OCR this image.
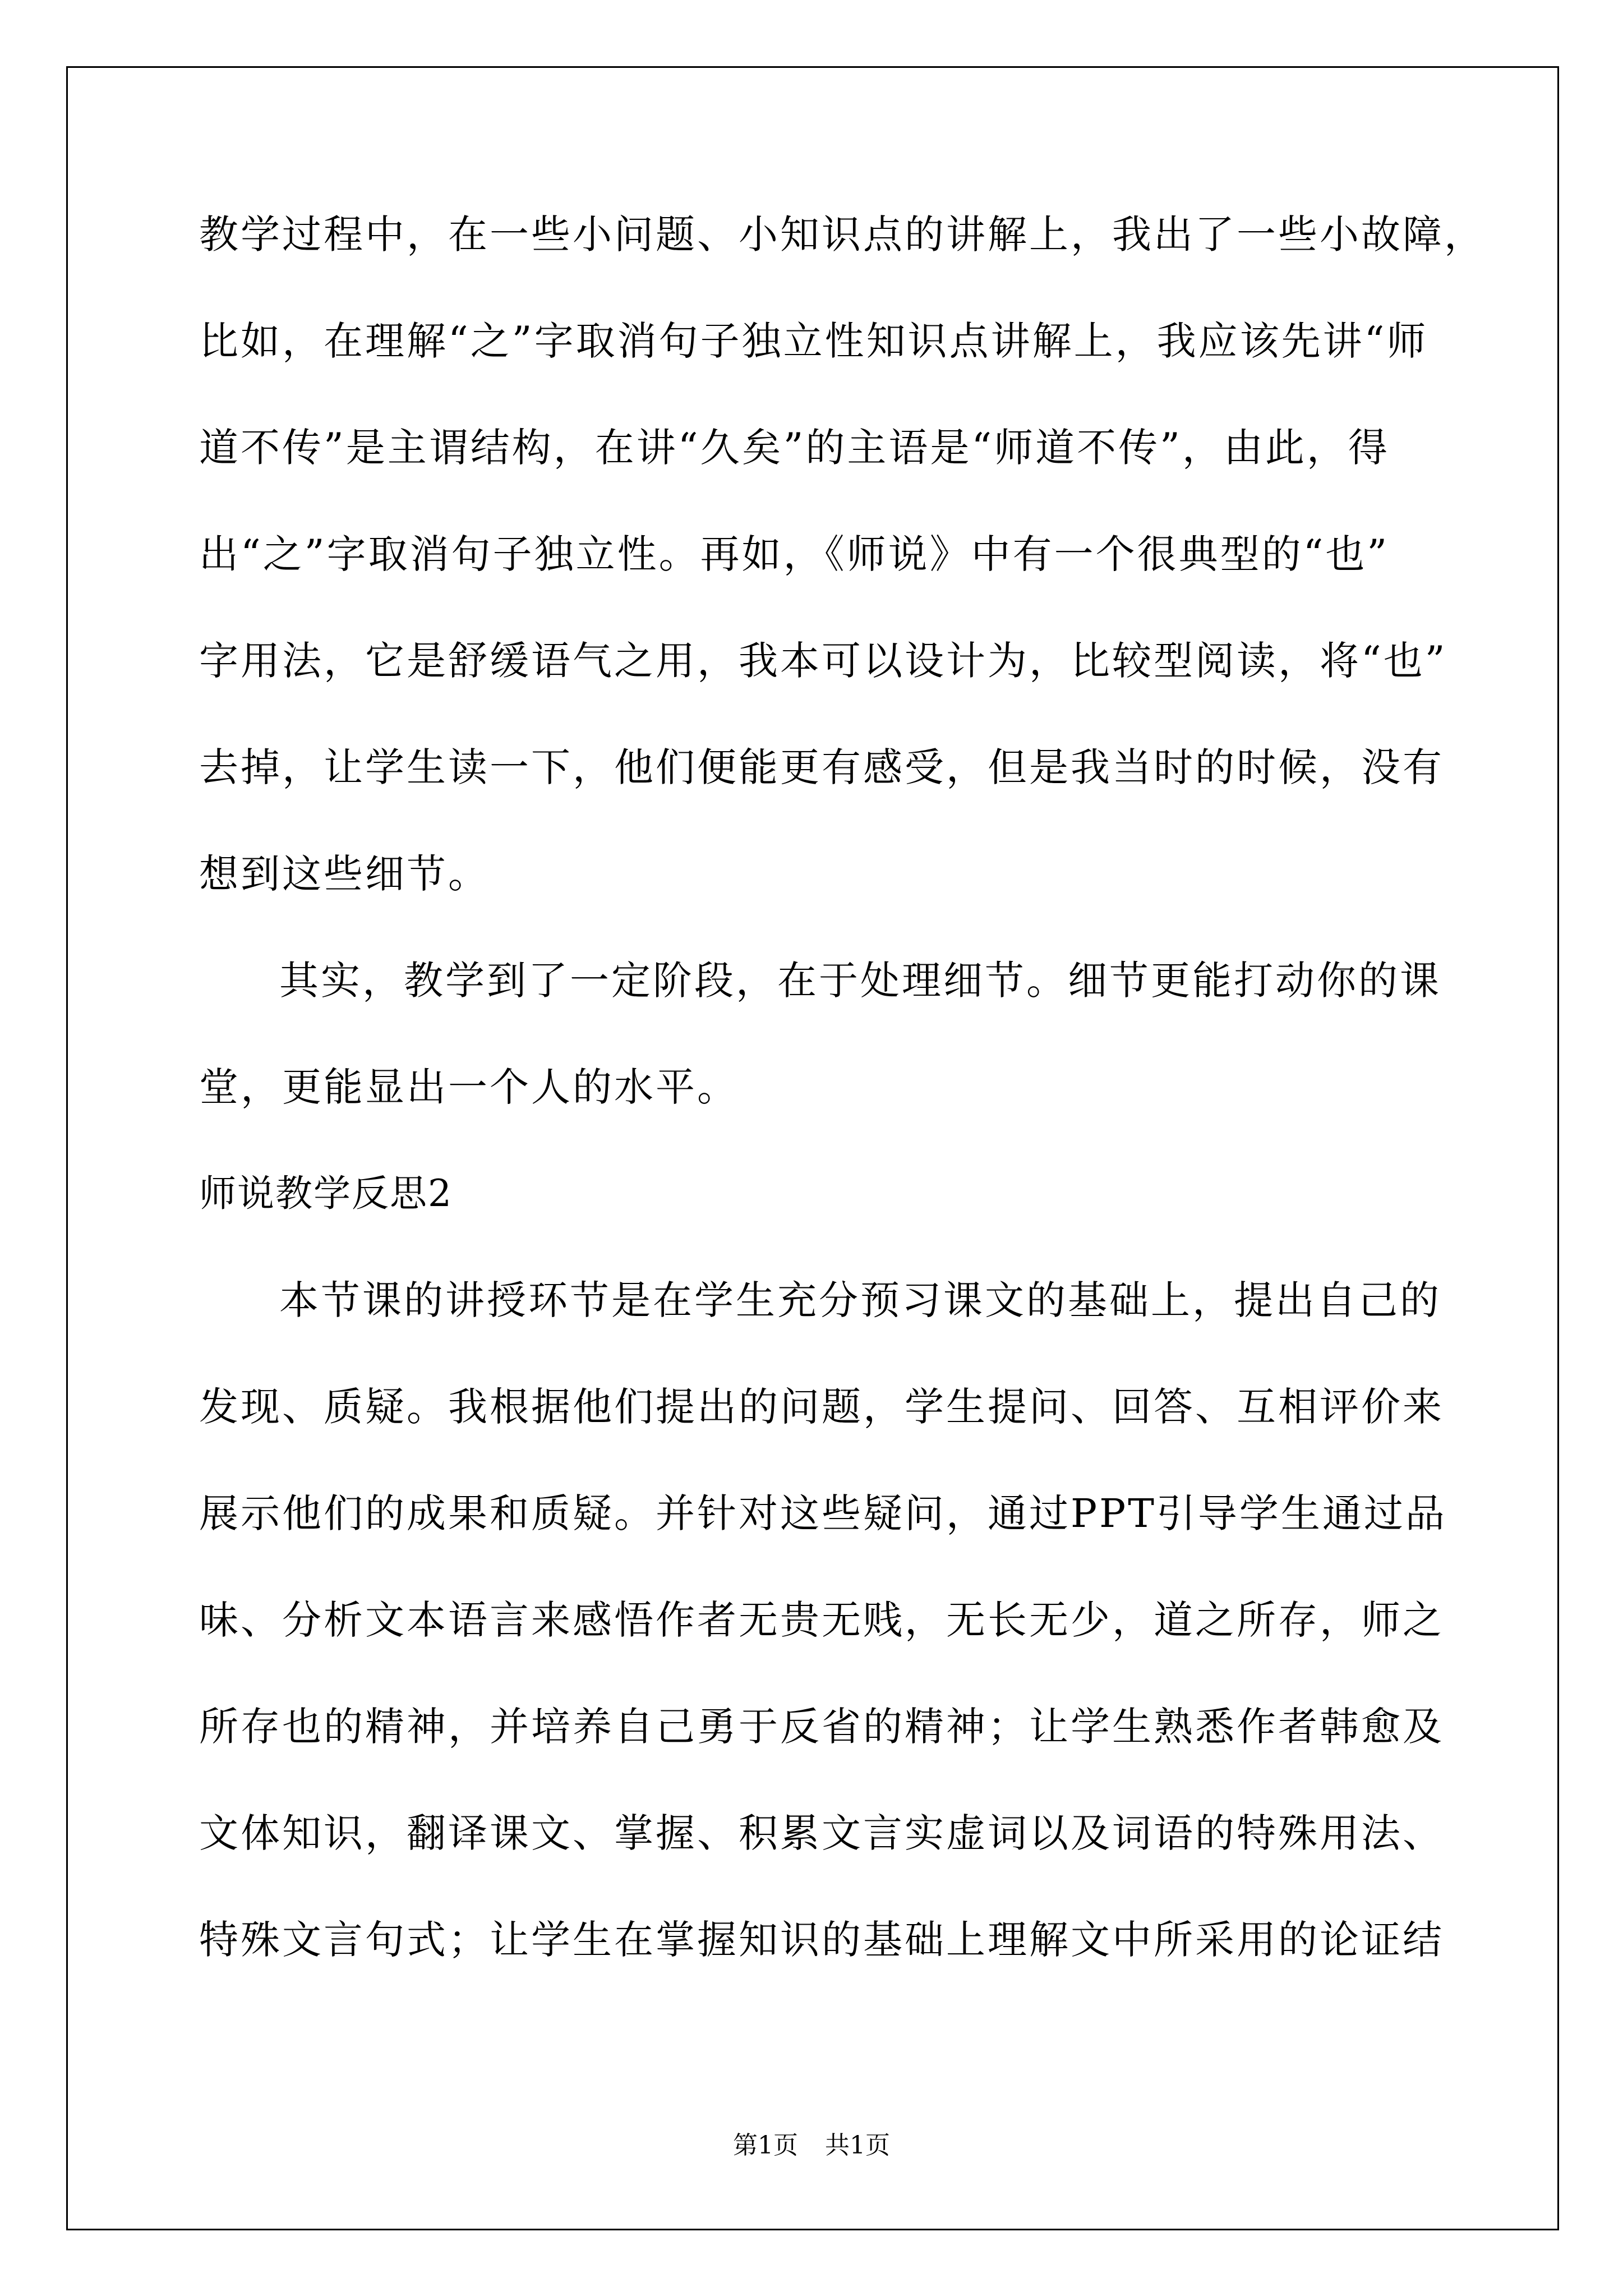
教学过程中，在一些小问题、小知识点的讲解上，我出了一些小故障，
比如，在理解“之”字取消句子独立性知识点讲解上，我应该先讲“师
道不传”是主谓结构，在讲“久矣”的主语是“师道不传”，由此，得
出“之”字取消句子独立性。再如，《师说》中有一个很典型的“也”
字用法，它是舒缓语气之用，我本可以设计为，比较型阅读，将“也”
去掉，让学生读一下，他们便能更有感受，但是我当时的时候，没有
想到这些细节。
其实，教学到了一定阶段，在于处理细节。细节更能打动你的课
堂，更能显出一个人的水平。
师说教学反思2
本节课的讲授环节是在学生充分预习课文的基础上，提出自己的
发现、质疑。我根据他们提出的问题，学生提问、回答、互相评价来
展示他们的成果和质疑。并针对这些疑问，通过PPT引导学生通过品
味、分析文本语言来感悟作者无贵无贱，无长无少，道之所存，师之
所存也的精神，并培养自己勇于反省的精神；让学生熟悉作者韩愈及
文体知识，翻译课文、掌握、积累文言实虚词以及词语的特殊用法、
特殊文言句式；让学生在掌握知识的基础上理解文中所采用的论证结
第1页 共1页
